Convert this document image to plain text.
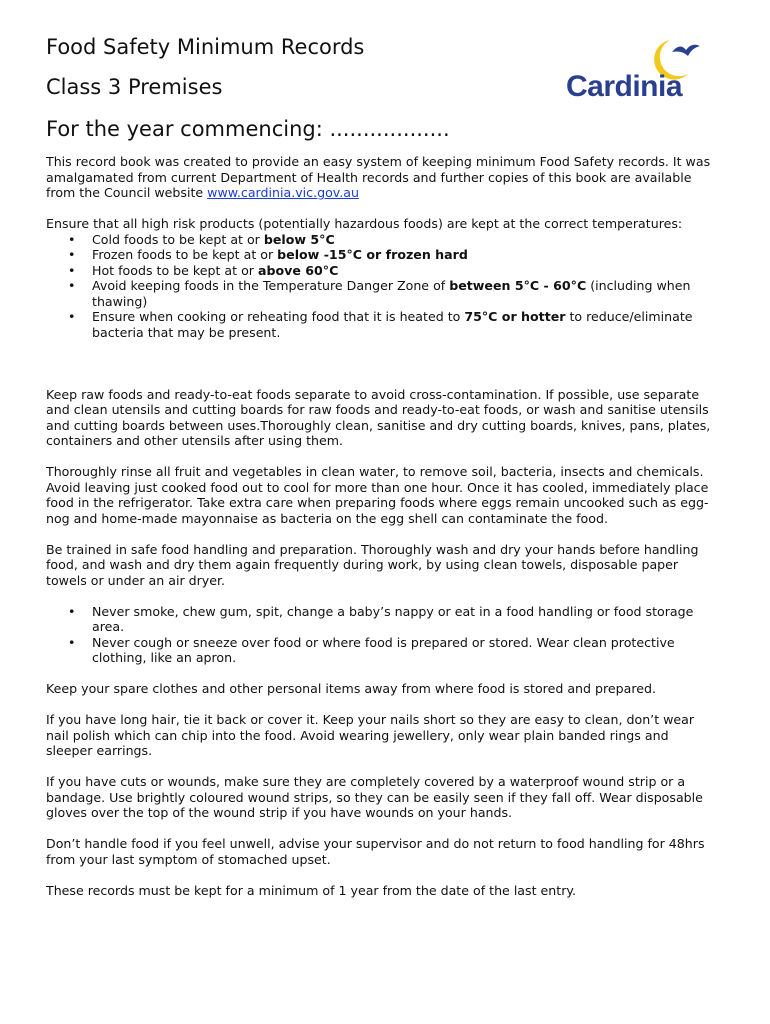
Cardinia
Food Safety Minimum Records
Class 3 Premises
For the year commencing: ..................

This record book was created to provide an easy system of keeping minimum Food Safety records. It was amalgamated from current Department of Health records and further copies of this book are available from the Council website www.cardinia.vic.gov.au

Ensure that all high risk products (potentially hazardous foods) are kept at the correct temperatures:
• Cold foods to be kept at or below 5°C
• Frozen foods to be kept at or below -15°C or frozen hard
• Hot foods to be kept at or above 60°C
• Avoid keeping foods in the Temperature Danger Zone of between 5°C - 60°C (including when thawing)
• Ensure when cooking or reheating food that it is heated to 75°C or hotter to reduce/eliminate bacteria that may be present.

Keep raw foods and ready-to-eat foods separate to avoid cross-contamination. If possible, use separate and clean utensils and cutting boards for raw foods and ready-to-eat foods, or wash and sanitise utensils and cutting boards between uses.Thoroughly clean, sanitise and dry cutting boards, knives, pans, plates, containers and other utensils after using them.

Thoroughly rinse all fruit and vegetables in clean water, to remove soil, bacteria, insects and chemicals. Avoid leaving just cooked food out to cool for more than one hour. Once it has cooled, immediately place food in the refrigerator. Take extra care when preparing foods where eggs remain uncooked such as egg-nog and home-made mayonnaise as bacteria on the egg shell can contaminate the food.

Be trained in safe food handling and preparation. Thoroughly wash and dry your hands before handling food, and wash and dry them again frequently during work, by using clean towels, disposable paper towels or under an air dryer.

• Never smoke, chew gum, spit, change a baby’s nappy or eat in a food handling or food storage area.
• Never cough or sneeze over food or where food is prepared or stored. Wear clean protective clothing, like an apron.

Keep your spare clothes and other personal items away from where food is stored and prepared.

If you have long hair, tie it back or cover it. Keep your nails short so they are easy to clean, don’t wear nail polish which can chip into the food. Avoid wearing jewellery, only wear plain banded rings and sleeper earrings.

If you have cuts or wounds, make sure they are completely covered by a waterproof wound strip or a bandage. Use brightly coloured wound strips, so they can be easily seen if they fall off. Wear disposable gloves over the top of the wound strip if you have wounds on your hands.

Don’t handle food if you feel unwell, advise your supervisor and do not return to food handling for 48hrs from your last symptom of stomached upset.

These records must be kept for a minimum of 1 year from the date of the last entry.
